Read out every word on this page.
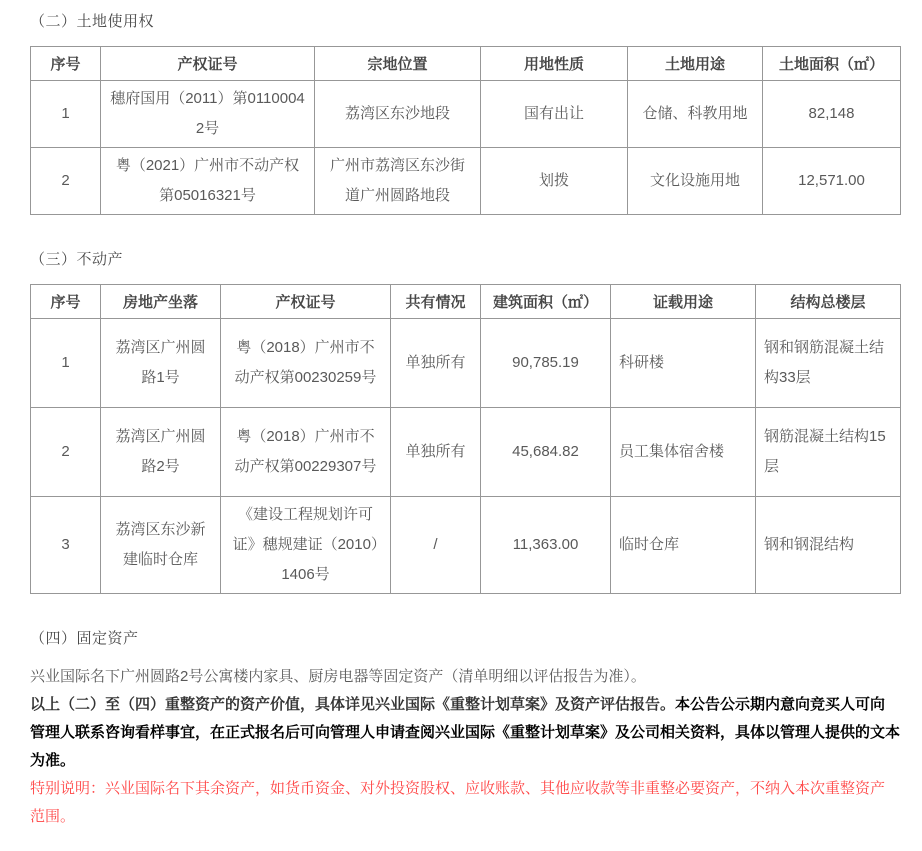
（二）土地使用权
序号	产权证号	宗地位置	用地性质	土地用途	土地面积（㎡）
1	穗府国用（2011）第01100042号	荔湾区东沙地段	国有出让	仓储、科教用地	82,148
2	粤（2021）广州市不动产权第05016321号	广州市荔湾区东沙街道广州圆路地段	划拨	文化设施用地	12,571.00
（三）不动产
序号	房地产坐落	产权证号	共有情况	建筑面积（㎡）	证载用途	结构总楼层
1	荔湾区广州圆路1号	粤（2018）广州市不动产权第00230259号	单独所有	90,785.19	科研楼	钢和钢筋混凝土结构33层
2	荔湾区广州圆路2号	粤（2018）广州市不动产权第00229307号	单独所有	45,684.82	员工集体宿舍楼	钢筋混凝土结构15层
3	荔湾区东沙新建临时仓库	《建设工程规划许可证》穗规建证（2010）1406号	/	11,363.00	临时仓库	钢和钢混结构
（四）固定资产

兴业国际名下广州圆路2号公寓楼内家具、厨房电器等固定资产（清单明细以评估报告为准）。

以上（二）至（四）重整资产的资产价值，具体详见兴业国际《重整计划草案》及资产评估报告。本公告公示期内意向竞买人可向管理人联系咨询看样事宜，在正式报名后可向管理人申请查阅兴业国际《重整计划草案》及公司相关资料，具体以管理人提供的文本为准。

特别说明：兴业国际名下其余资产，如货币资金、对外投资股权、应收账款、其他应收款等非重整必要资产，不纳入本次重整资产范围。
